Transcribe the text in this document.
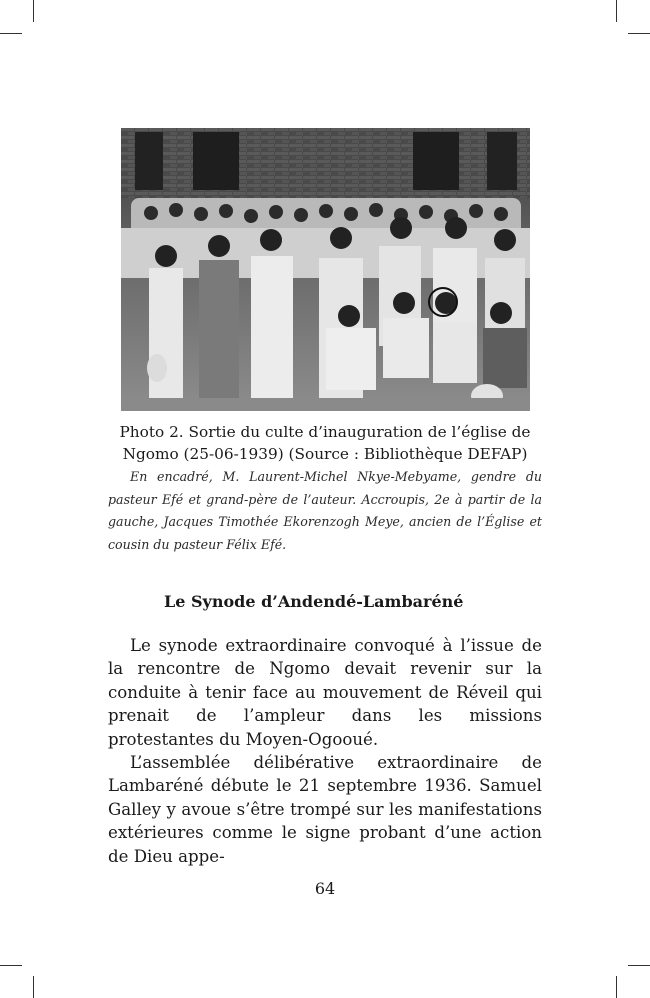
Photo 2. Sortie du culte d’inauguration de l’église de Ngomo (25-06-1939) (Source : Bibliothèque DEFAP)

En encadré, M. Laurent-Michel Nkye-Mebyame, gendre du pasteur Efé et grand-père de l’auteur. Accroupis, 2e à partir de la gauche, Jacques Timothée Ekorenzogh Meye, ancien de l’Église et cousin du pasteur Félix Efé.

Le Synode d’Andendé-Lambaréné

Le synode extraordinaire convoqué à l’issue de la rencontre de Ngomo devait revenir sur la conduite à tenir face au mouvement de Réveil qui prenait de l’ampleur dans les missions protestantes du Moyen-Ogooué.

L’assemblée délibérative extraordinaire de Lambaréné débute le 21 septembre 1936. Samuel Galley y avoue s’être trompé sur les manifestations extérieures comme le signe probant d’une action de Dieu appe-

64
